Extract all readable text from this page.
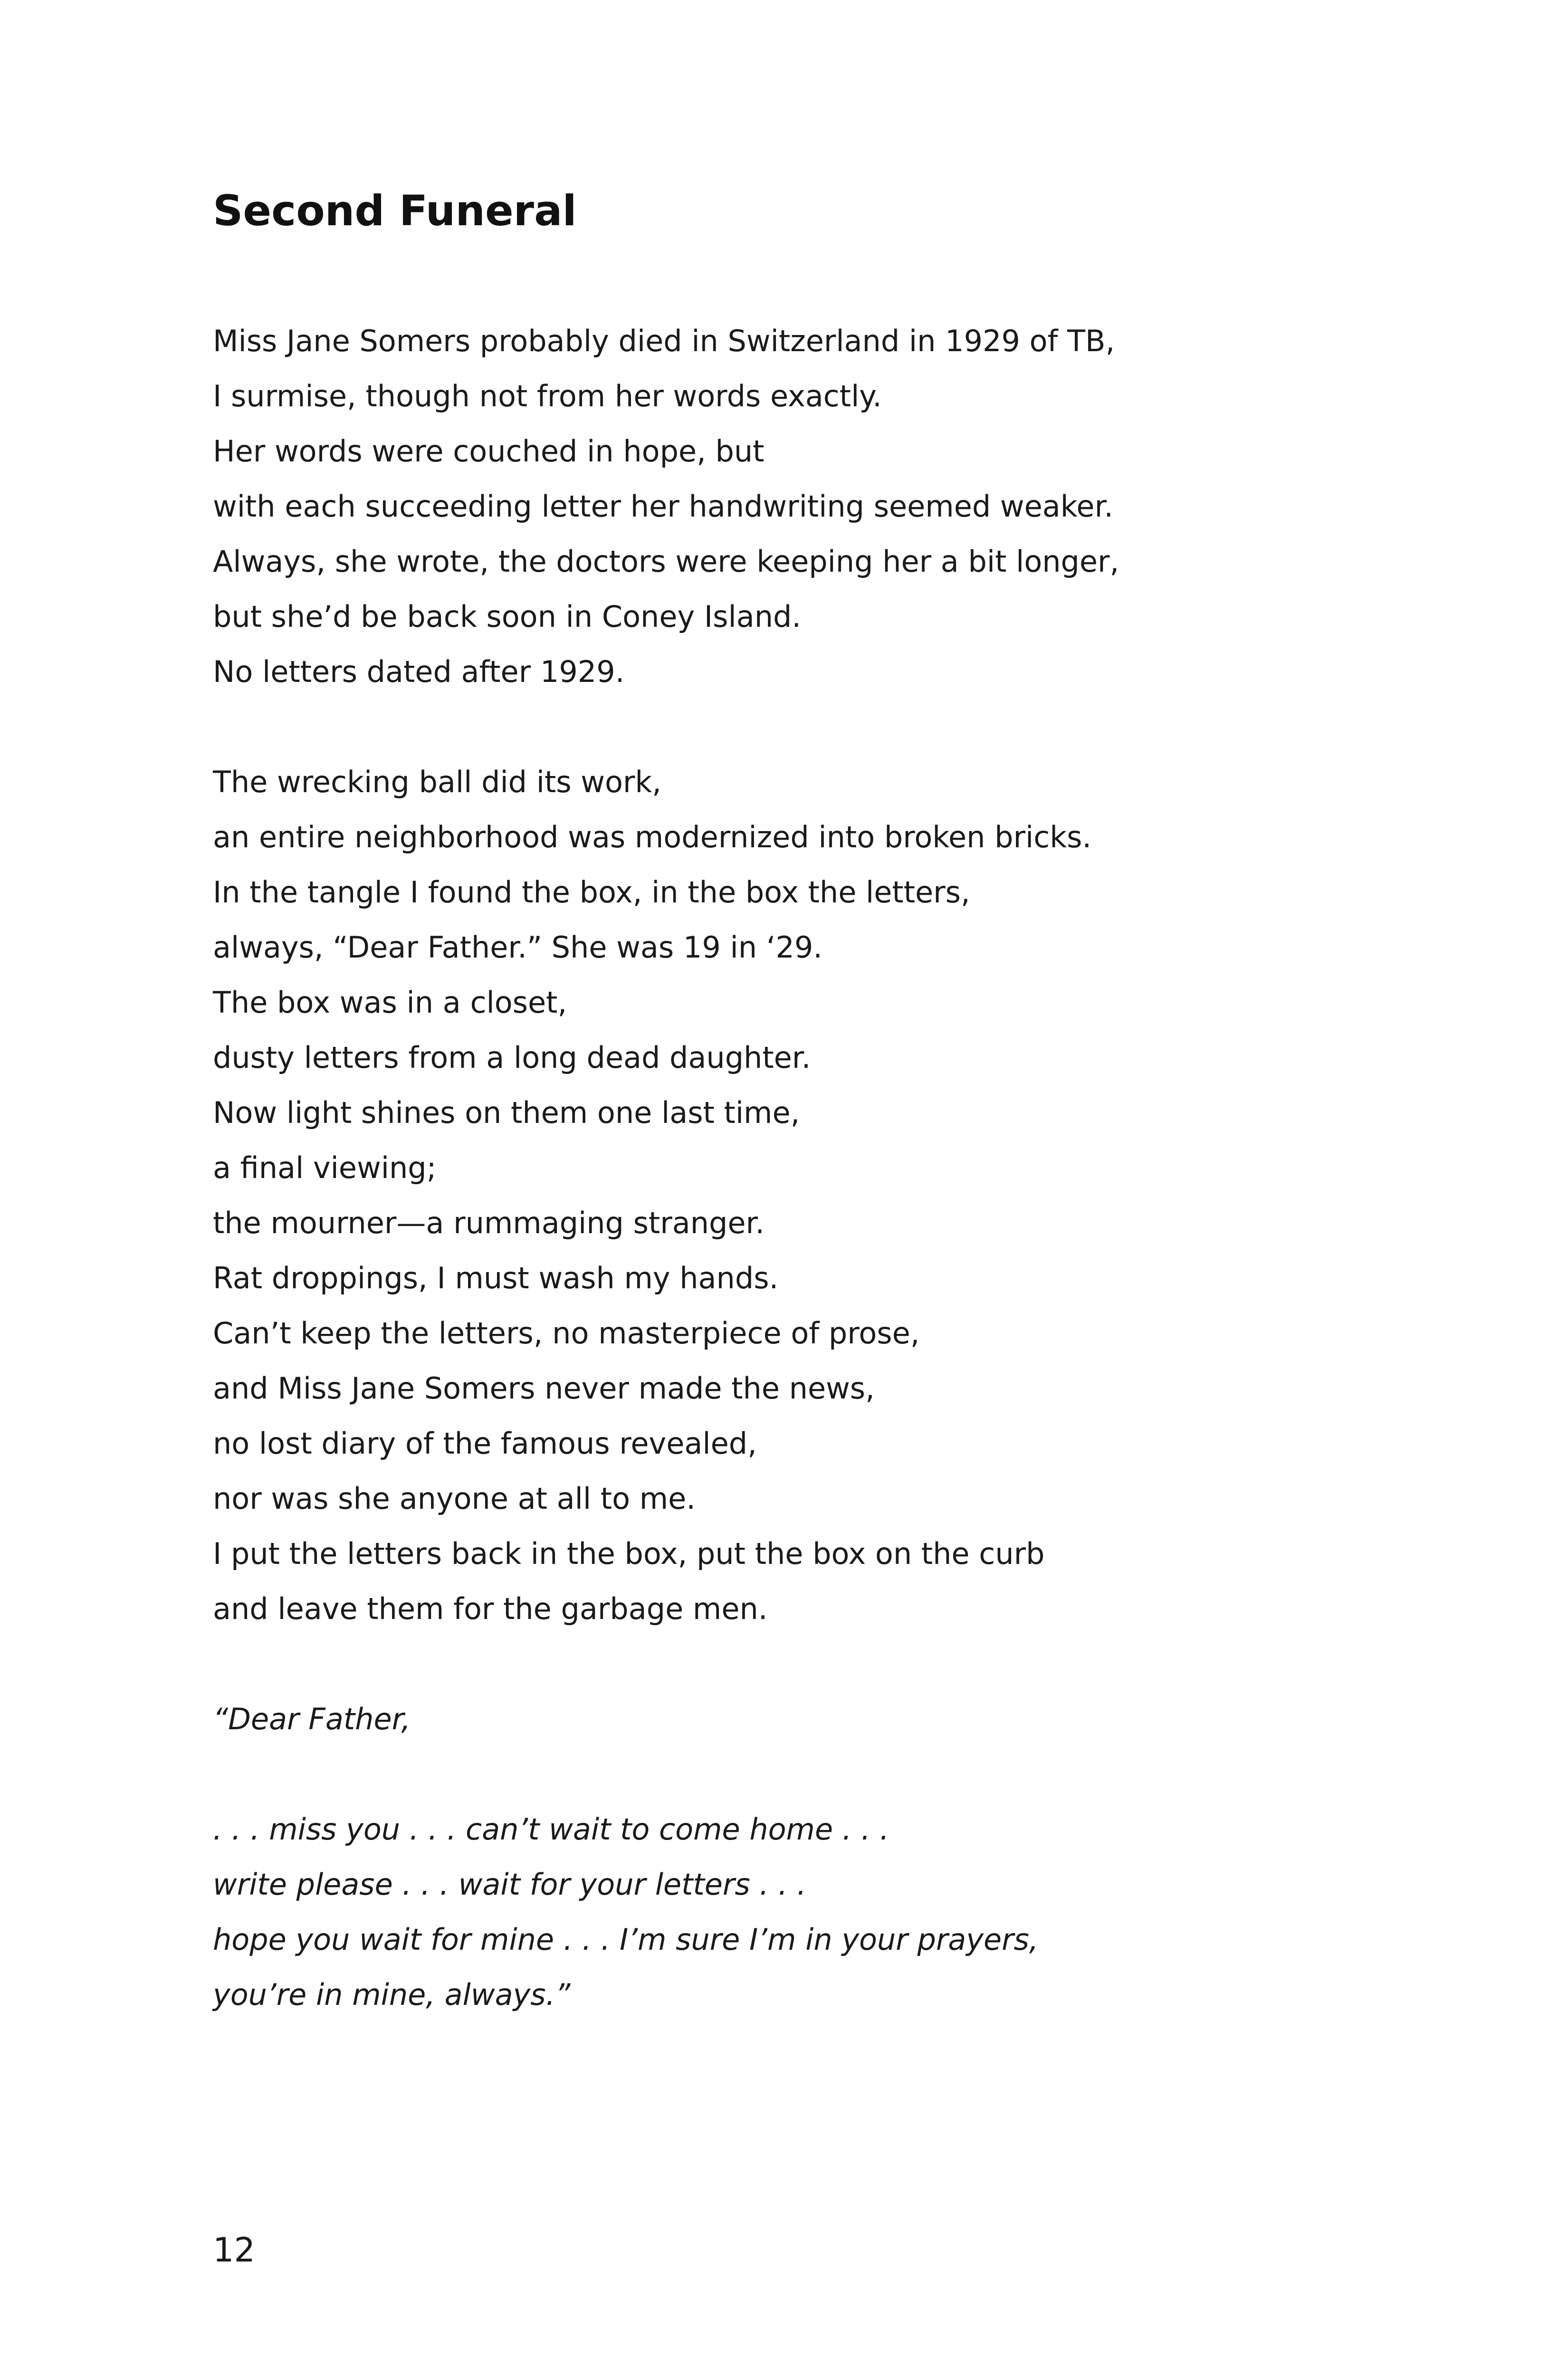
Second Funeral
Miss Jane Somers probably died in Switzerland in 1929 of TB,
I surmise, though not from her words exactly.
Her words were couched in hope, but
with each succeeding letter her handwriting seemed weaker.
Always, she wrote, the doctors were keeping her a bit longer,
but she’d be back soon in Coney Island.
No letters dated after 1929.
The wrecking ball did its work,
an entire neighborhood was modernized into broken bricks.
In the tangle I found the box, in the box the letters,
always, “Dear Father.” She was 19 in ‘29.
The box was in a closet,
dusty letters from a long dead daughter.
Now light shines on them one last time,
a final viewing;
the mourner—a rummaging stranger.
Rat droppings, I must wash my hands.
Can’t keep the letters, no masterpiece of prose,
and Miss Jane Somers never made the news,
no lost diary of the famous revealed,
nor was she anyone at all to me.
I put the letters back in the box, put the box on the curb
and leave them for the garbage men.
“Dear Father,
. . . miss you . . . can’t wait to come home . . .
write please . . . wait for your letters . . .
hope you wait for mine . . . I’m sure I’m in your prayers,
you’re in mine, always.”
12
